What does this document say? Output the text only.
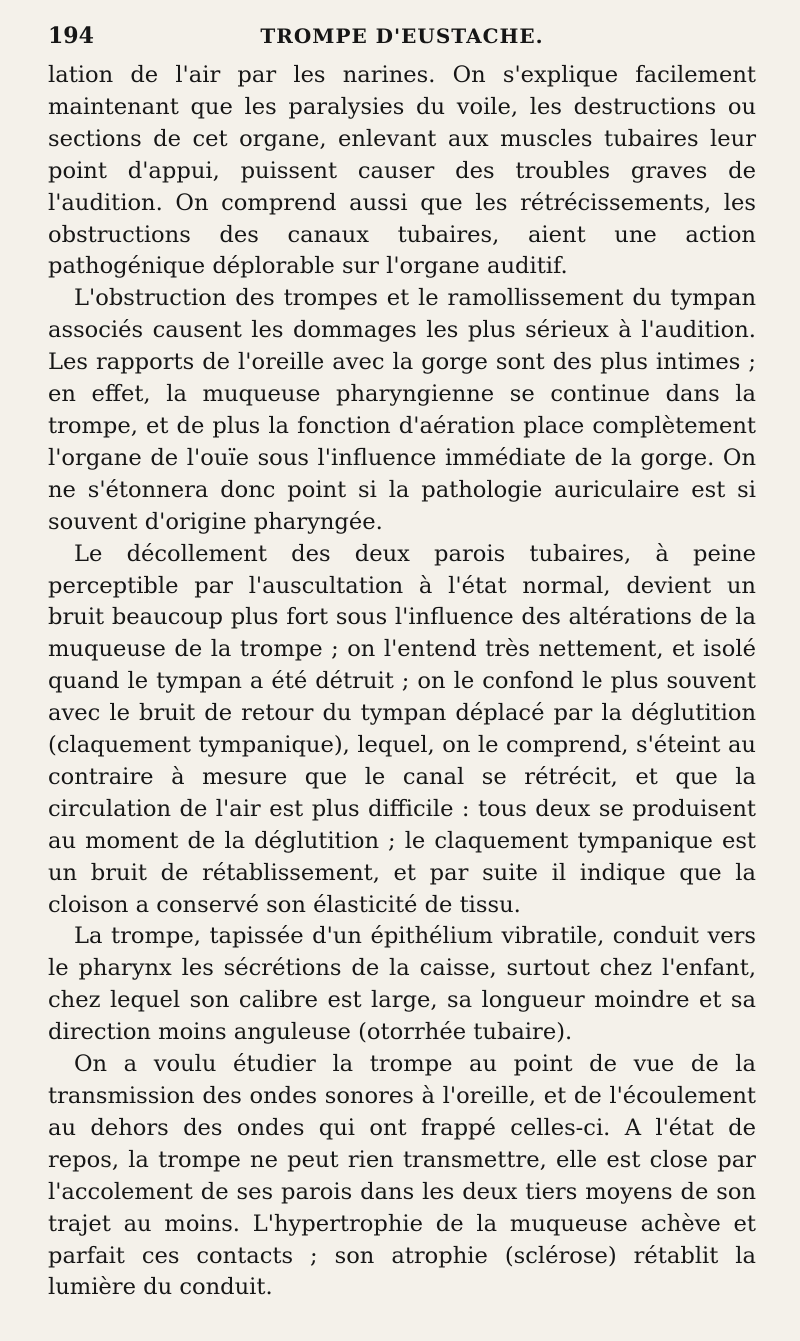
194	TROMPE D'EUSTACHE.

lation de l'air par les narines. On s'explique facilement maintenant que les paralysies du voile, les destructions ou sections de cet organe, enlevant aux muscles tubaires leur point d'appui, puissent causer des troubles graves de l'audition. On comprend aussi que les rétrécissements, les obstructions des canaux tubaires, aient une action pathogénique déplorable sur l'organe auditif.

L'obstruction des trompes et le ramollissement du tympan associés causent les dommages les plus sérieux à l'audition. Les rapports de l'oreille avec la gorge sont des plus intimes ; en effet, la muqueuse pharyngienne se continue dans la trompe, et de plus la fonction d'aération place complètement l'organe de l'ouïe sous l'influence immédiate de la gorge. On ne s'étonnera donc point si la pathologie auriculaire est si souvent d'origine pharyngée.

Le décollement des deux parois tubaires, à peine perceptible par l'auscultation à l'état normal, devient un bruit beaucoup plus fort sous l'influence des altérations de la muqueuse de la trompe ; on l'entend très nettement, et isolé quand le tympan a été détruit ; on le confond le plus souvent avec le bruit de retour du tympan déplacé par la déglutition (claquement tympanique), lequel, on le comprend, s'éteint au contraire à mesure que le canal se rétrécit, et que la circulation de l'air est plus difficile : tous deux se produisent au moment de la déglutition ; le claquement tympanique est un bruit de rétablissement, et par suite il indique que la cloison a conservé son élasticité de tissu.

La trompe, tapissée d'un épithélium vibratile, conduit vers le pharynx les sécrétions de la caisse, surtout chez l'enfant, chez lequel son calibre est large, sa longueur moindre et sa direction moins anguleuse (otorrhée tubaire).

On a voulu étudier la trompe au point de vue de la transmission des ondes sonores à l'oreille, et de l'écoulement au dehors des ondes qui ont frappé celles-ci. A l'état de repos, la trompe ne peut rien transmettre, elle est close par l'accolement de ses parois dans les deux tiers moyens de son trajet au moins. L'hypertrophie de la muqueuse achève et parfait ces contacts ; son atrophie (sclérose) rétablit la lumière du conduit.
